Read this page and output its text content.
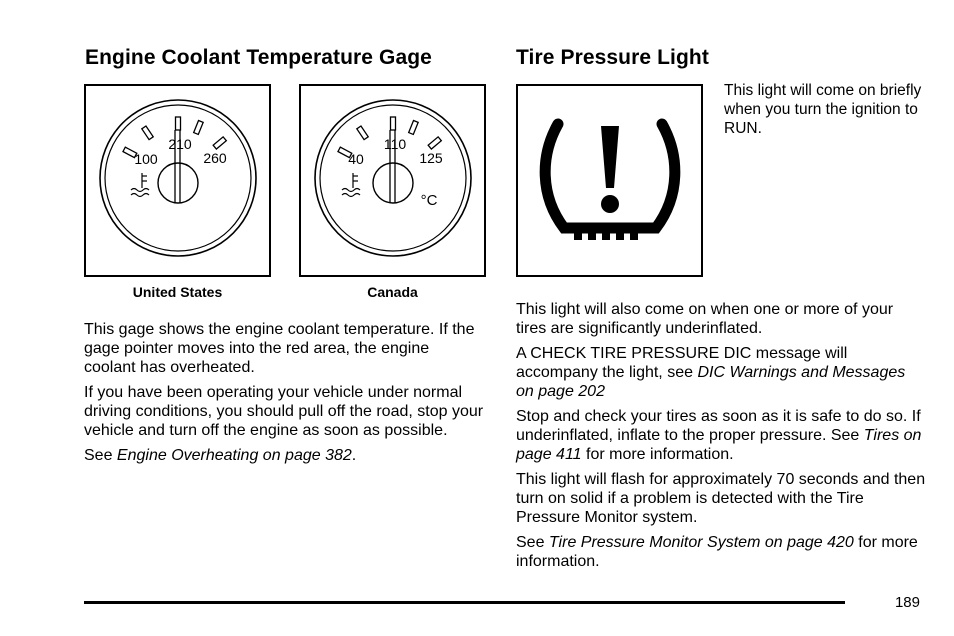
Engine Coolant Temperature Gage
100
210
260
United States
40
110
125
°C
Canada

This gage shows the engine coolant temperature. If the gage pointer moves into the red area, the engine coolant has overheated.

If you have been operating your vehicle under normal driving conditions, you should pull off the road, stop your vehicle and turn off the engine as soon as possible.

See Engine Overheating on page 382.

Tire Pressure Light
This light will come on briefly when you turn the ignition to RUN.

This light will also come on when one or more of your tires are significantly underinflated.

A CHECK TIRE PRESSURE DIC message will accompany the light, see DIC Warnings and Messages on page 202

Stop and check your tires as soon as it is safe to do so. If underinflated, inflate to the proper pressure. See Tires on page 411 for more information.

This light will flash for approximately 70 seconds and then turn on solid if a problem is detected with the Tire Pressure Monitor system.

See Tire Pressure Monitor System on page 420 for more information.

189
